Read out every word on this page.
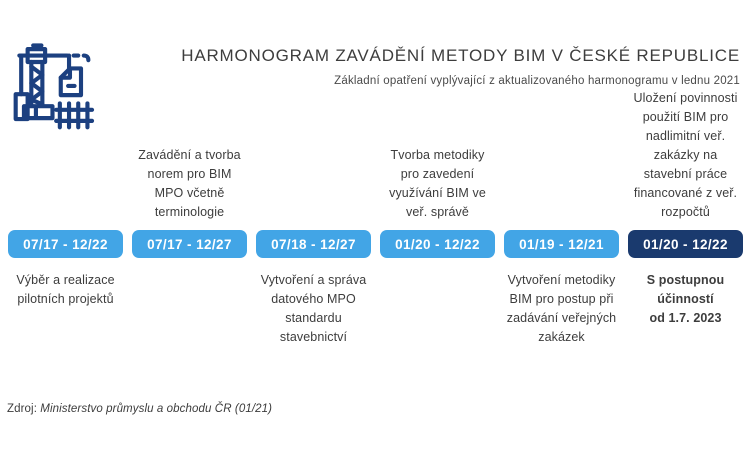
HARMONOGRAM ZAVÁDĚNÍ METODY BIM V ČESKÉ REPUBLICE
Základní opatření vyplývající z aktualizovaného harmonogramu v lednu 2021
07/17 - 12/22
Výběr a realizace pilotních projektů
Zavádění a tvorba norem pro BIM MPO včetně terminologie
07/17 - 12/27	07/18 - 12/27
Vytvoření a správa datového MPO standardu stavebnictví
Tvorba metodiky pro zavedení využívání BIM ve veř. správě
01/20 - 12/22	01/19 - 12/21
Vytvoření metodiky BIM pro postup při zadávání veřejných zakázek
Uložení povinnosti použití BIM pro nadlimitní veř. zakázky na stavební práce financované z veř. rozpočtů
01/20 - 12/22
S postupnou účinností od 1.7. 2023
Zdroj: Ministerstvo průmyslu a obchodu ČR (01/21)
